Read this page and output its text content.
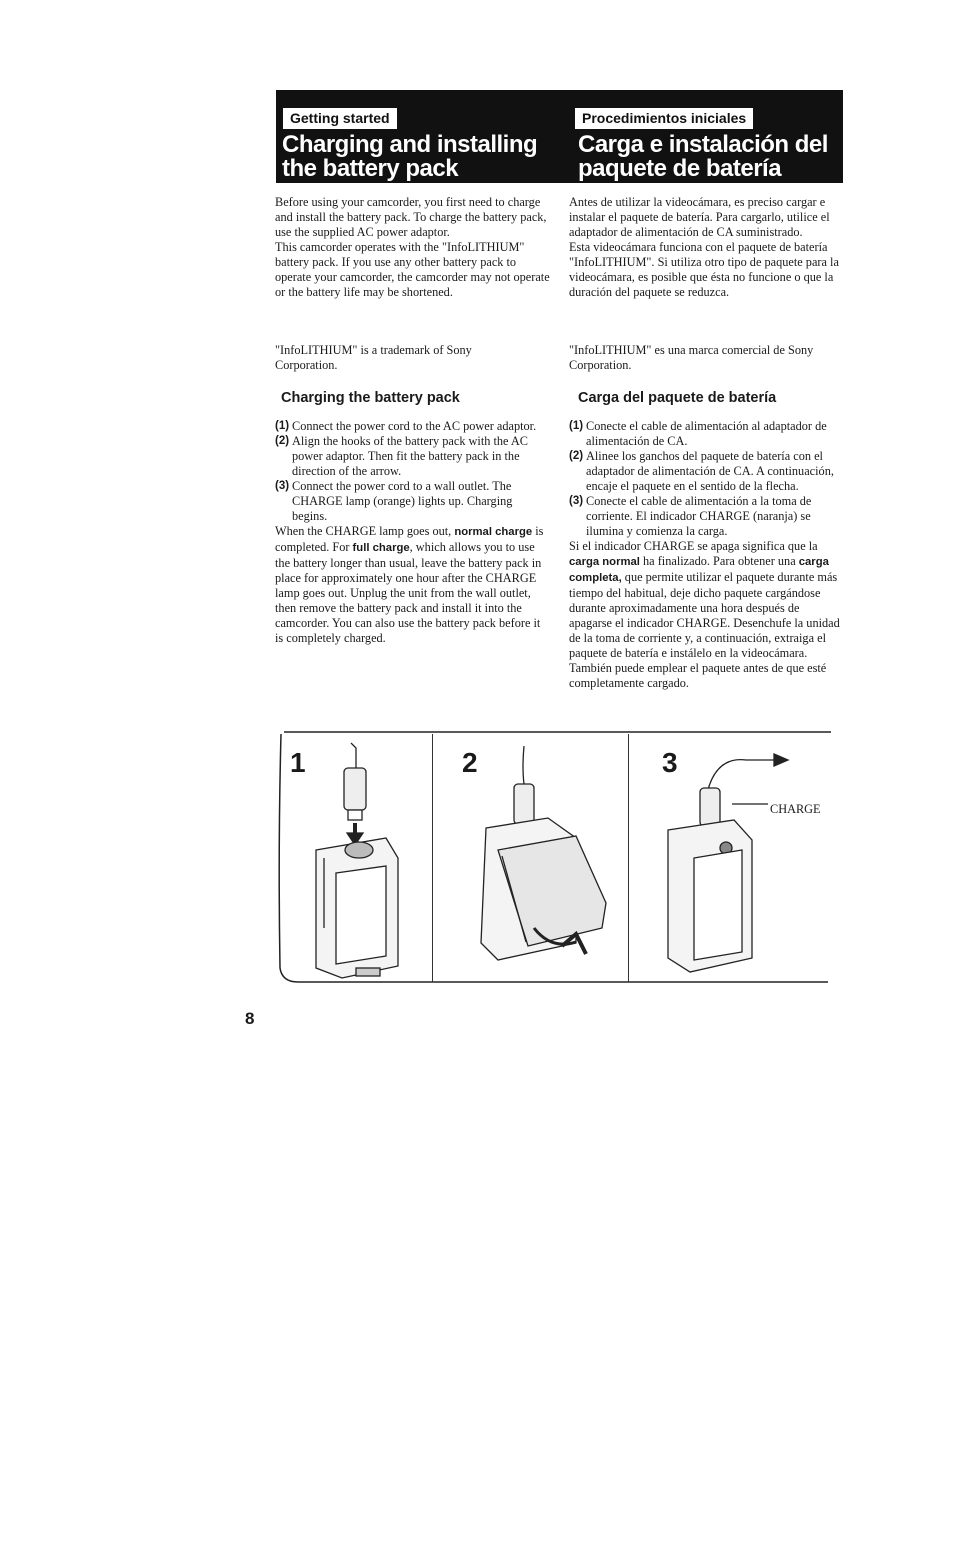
Getting started	Procedimientos iniciales
Charging and installing
the battery pack
Carga e instalación del
paquete de batería

Before using your camcorder, you first need to charge and install the battery pack. To charge the battery pack, use the supplied AC power adaptor.

This camcorder operates with the "InfoLITHIUM" battery pack. If you use any other battery pack to operate your camcorder, the camcorder may not operate or the battery life may be shortened.

Antes de utilizar la videocámara, es preciso cargar e instalar el paquete de batería. Para cargarlo, utilice el adaptador de alimentación de CA suministrado.

Esta videocámara funciona con el paquete de batería "InfoLITHIUM". Si utiliza otro tipo de paquete para la videocámara, es posible que ésta no funcione o que la duración del paquete se reduzca.

"InfoLITHIUM" is a trademark of Sony Corporation.
"InfoLITHIUM" es una marca comercial de Sony Corporation.
Charging the battery pack	Carga del paquete de batería
(1) Connect the power cord to the AC power adaptor.
(2) Align the hooks of the battery pack with the AC power adaptor. Then fit the battery pack in the direction of the arrow.
(3) Connect the power cord to a wall outlet. The CHARGE lamp (orange) lights up. Charging begins.

When the CHARGE lamp goes out, normal charge is completed. For full charge, which allows you to use the battery longer than usual, leave the battery pack in place for approximately one hour after the CHARGE lamp goes out. Unplug the unit from the wall outlet, then remove the battery pack and install it into the camcorder. You can also use the battery pack before it is completely charged.

(1) Conecte el cable de alimentación al adaptador de alimentación de CA.
(2) Alinee los ganchos del paquete de batería con el adaptador de alimentación de CA. A continuación, encaje el paquete en el sentido de la flecha.
(3) Conecte el cable de alimentación a la toma de corriente. El indicador CHARGE (naranja) se ilumina y comienza la carga.

Si el indicador CHARGE se apaga significa que la carga normal ha finalizado. Para obtener una carga completa, que permite utilizar el paquete durante más tiempo del habitual, deje dicho paquete cargándose durante aproximadamente una hora después de apagarse el indicador CHARGE. Desenchufe la unidad de la toma de corriente y, a continuación, extraiga el paquete de batería e instálelo en la videocámara. También puede emplear el paquete antes de que esté completamente cargado.

1	2	3
CHARGE
8
